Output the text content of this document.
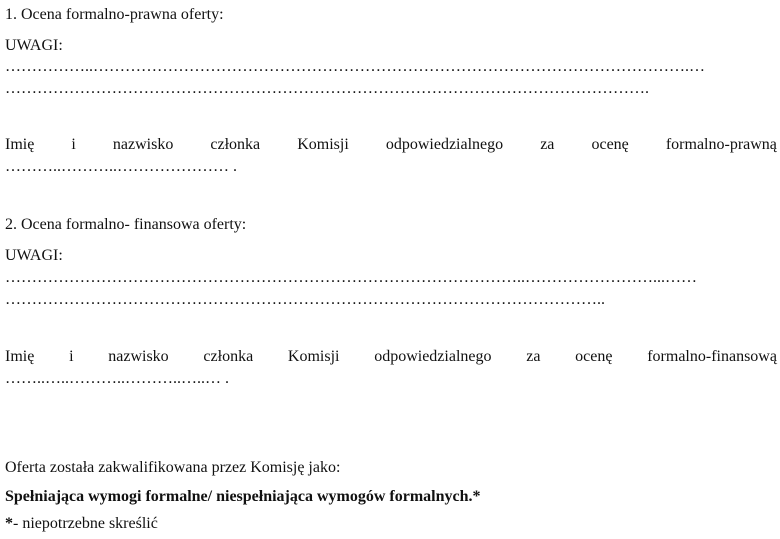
1. Ocena formalno-prawna oferty:
UWAGI:
……………..………………………………………………………………………………………………….…
………………………………………………………………………………………………………….
Imię i nazwisko członka Komisji odpowiedzialnego za ocenę formalno-prawną
………..………..………………… .
2. Ocena formalno- finansowa oferty:
UWAGI:
……………………………………………………………………………………..……………………...……
…………………………………………………………………………………………………..
Imię i nazwisko członka Komisji odpowiedzialnego za ocenę formalno-finansową
……..…..………..………..…..… .
Oferta została zakwalifikowana przez Komisję jako:
Spełniająca wymogi formalne/ niespełniająca wymogów formalnych.*
*- niepotrzebne skreślić
